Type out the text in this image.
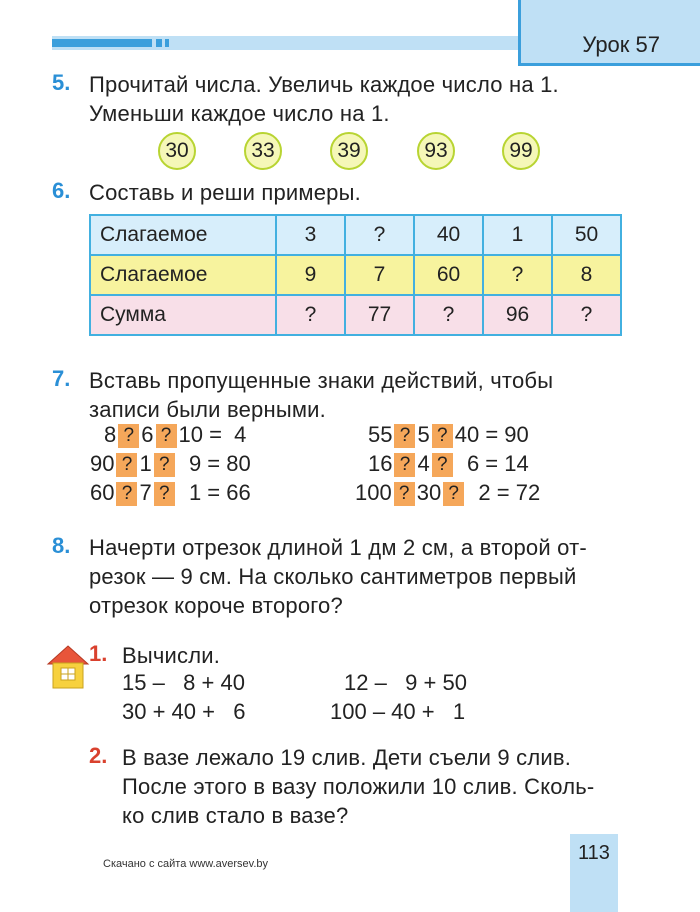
Урок 57
5. Прочитай числа. Увеличь каждое число на 1.
Уменьши каждое число на 1.
30	33	39	93	99
6. Составь и реши примеры.
Слагаемое	3	?	40	1	50
Слагаемое	9	7	60	?	8
Сумма	?	77	?	96	?
7. Вставь пропущенные знаки действий, чтобы
записи были верными.
8 ? 6 ? 10 =  4
90 ? 1 ?  9 = 80
60 ? 7 ?  1 = 66
55 ? 5 ? 40 = 90
16 ? 4 ?  6 = 14
100 ? 30 ?  2 = 72
8. Начерти отрезок длиной 1 дм 2 см, а второй от-
резок — 9 см. На сколько сантиметров первый
отрезок короче второго?
1. Вычисли.
15 –   8 + 40	12 –   9 + 50
30 + 40 +   6	100 – 40 +   1
2. В вазе лежало 19 слив. Дети съели 9 слив.
После этого в вазу положили 10 слив. Сколь-
ко слив стало в вазе?
Скачано с сайта www.aversev.by	113
